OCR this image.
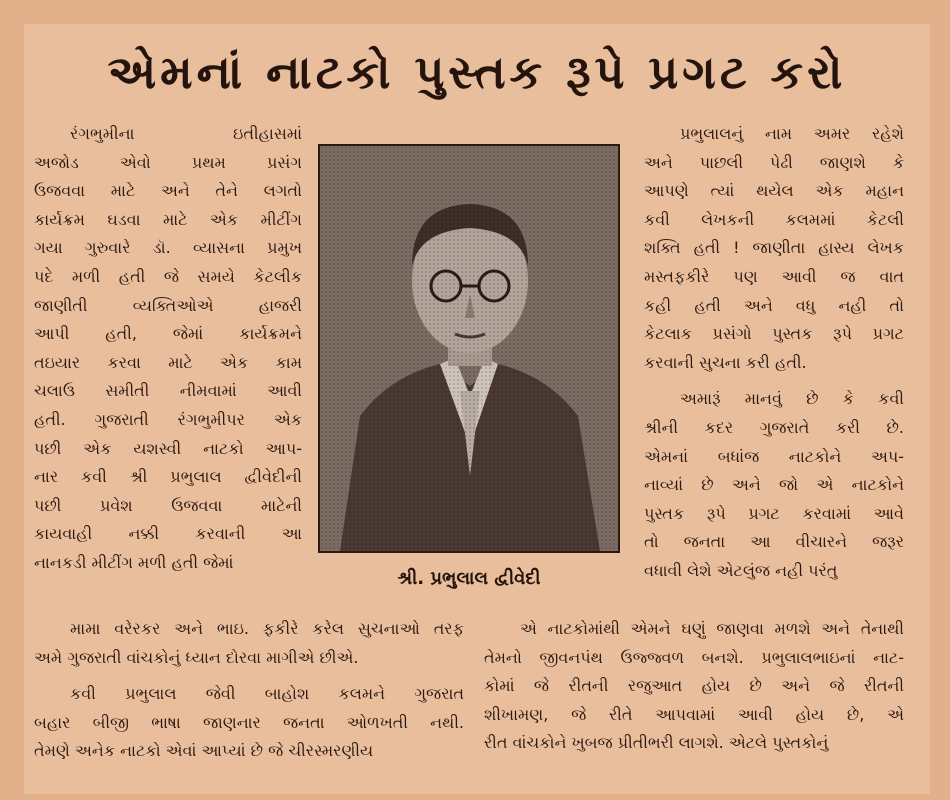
એમનાં નાટકો પુસ્તક રૂપે પ્રગટ કરો

રંગભુમીના ઇતીહાસમાં
અજોડ એવો પ્રથમ પ્રસંગ
ઉજવવા માટે અને તેને લગતો
કાર્યક્રમ ઘડવા માટે એક મીટીંગ
ગયા ગુરુવારે ડૉ. વ્યાસના પ્રમુખ
પદે મળી હતી જે સમયે કેટલીક
જાણીતી વ્યક્તિઓએ હાજરી
આપી હતી, જેમાં કાર્યક્રમને
તઇયાર કરવા માટે એક કામ
ચલાઉ સમીતી નીમવામાં આવી
હતી. ગુજરાતી રંગભુમીપર એક
પછી એક યશસ્વી નાટકો આપ-
નાર કવી શ્રી પ્રભુલાલ દ્વીવેદીની
પછી પ્રવેશ ઉજવવા માટેની
કાયવાહી નક્કી કરવાની આ
નાનકડી મીટીંગ મળી હતી જેમાં

શ્રી. પ્રભુલાલ દ્વીવેદી

પ્રભુલાલનું નામ અમર રહેશે
અને પાછલી પેઢી જાણશે કે
આપણે ત્યાં થયેલ એક મહાન
કવી લેખકની કલમમાં કેટલી
શક્તિ હતી ! જાણીતા હાસ્ય લેખક
મસ્તફકીરે પણ આવી જ વાત
કહી હતી અને વધુ નહી તો
કેટલાક પ્રસંગો પુસ્તક રૂપે પ્રગટ
કરવાની સુચના કરી હતી.

અમારૂં માનવું છે કે કવી
શ્રીની કદર ગુજરાતે કરી છે.
એમનાં બધાંજ નાટકોને અપ-
નાવ્યાં છે અને જો એ નાટકોને
પુસ્તક રૂપે પ્રગટ કરવામાં આવે
તો જનતા આ વીચારને જરૂર
વધાવી લેશે એટલુંજ નહી પરંતુ

મામા વરેરકર અને ભાઇ. ફકીરે કરેલ સુચનાઓ તરફ
અમે ગુજરાતી વાંચકોનું ધ્યાન દોરવા માગીએ છીએ.

કવી પ્રભુલાલ જેવી બાહોશ કલમને ગુજરાત
બહાર બીજી ભાષા જાણનાર જનતા ઓળખતી નથી.
તેમણે અનેક નાટકો એવાં આપ્યાં છે જે ચીરસ્મરણીય

એ નાટકોમાંથી એમને ઘણું જાણવા મળશે અને તેનાથી
તેમનો જીવનપંથ ઉજ્જ્વળ બનશે. પ્રભુલાલભાઇનાં નાટ-
કોમાં જે રીતની રજુઆત હોય છે અને જે રીતની
શીખામણ, જે રીતે આપવામાં આવી હોય છે, એ
રીત વાંચકોને ખુબજ પ્રીતીભરી લાગશે. એટલે પુસ્તકોનું
